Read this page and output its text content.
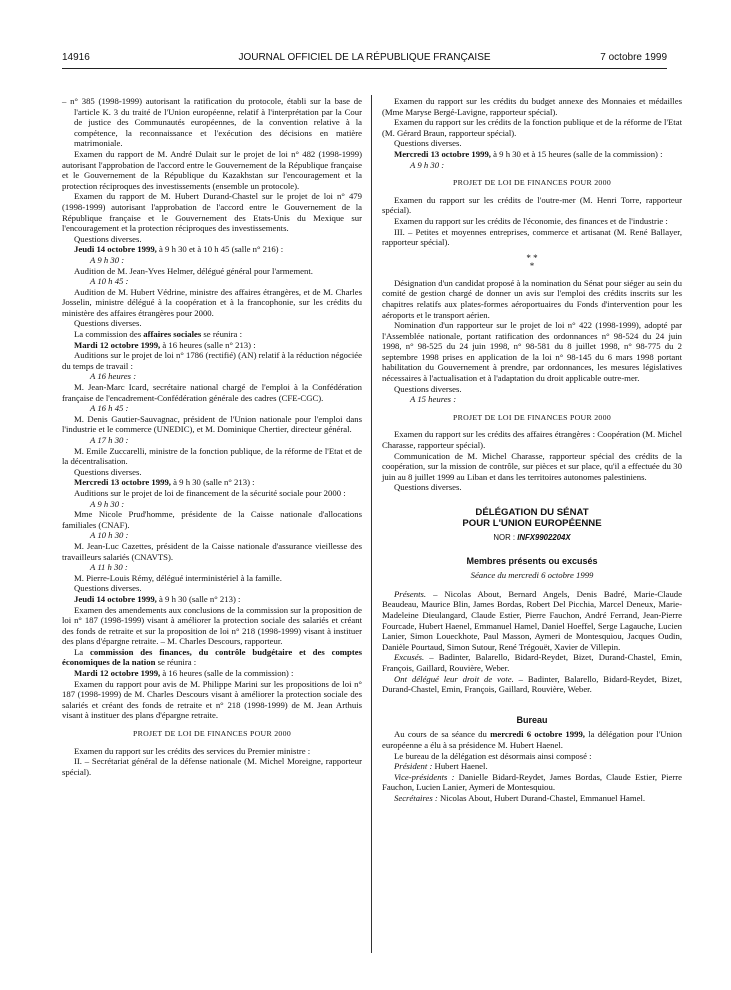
14916	JOURNAL OFFICIEL DE LA RÉPUBLIQUE FRANÇAISE	7 octobre 1999

– n° 385 (1998-1999) autorisant la ratification du protocole, établi sur la base de l'article K. 3 du traité de l'Union européenne, relatif à l'interprétation par la Cour de justice des Communautés européennes, de la convention relative à la compétence, la reconnaissance et l'exécution des décisions en matière matrimoniale.

Examen du rapport de M. André Dulait sur le projet de loi n° 482 (1998-1999) autorisant l'approbation de l'accord entre le Gouvernement de la République française et le Gouvernement de la République du Kazakhstan sur l'encouragement et la protection réciproques des investissements (ensemble un protocole).

Examen du rapport de M. Hubert Durand-Chastel sur le projet de loi n° 479 (1998-1999) autorisant l'approbation de l'accord entre le Gouvernement de la République française et le Gouvernement des Etats-Unis du Mexique sur l'encouragement et la protection réciproques des investissements.

Questions diverses.

Jeudi 14 octobre 1999, à 9 h 30 et à 10 h 45 (salle n° 216) :

A 9 h 30 :

Audition de M. Jean-Yves Helmer, délégué général pour l'armement.

A 10 h 45 :

Audition de M. Hubert Védrine, ministre des affaires étrangères, et de M. Charles Josselin, ministre délégué à la coopération et à la francophonie, sur les crédits du ministère des affaires étrangères pour 2000.

Questions diverses.

La commission des affaires sociales se réunira :

Mardi 12 octobre 1999, à 16 heures (salle n° 213) :

Auditions sur le projet de loi n° 1786 (rectifié) (AN) relatif à la réduction négociée du temps de travail :

A 16 heures :

M. Jean-Marc Icard, secrétaire national chargé de l'emploi à la Confédération française de l'encadrement-Confédération générale des cadres (CFE-CGC).

A 16 h 45 :

M. Denis Gautier-Sauvagnac, président de l'Union nationale pour l'emploi dans l'industrie et le commerce (UNEDIC), et M. Dominique Chertier, directeur général.

A 17 h 30 :

M. Emile Zuccarelli, ministre de la fonction publique, de la réforme de l'Etat et de la décentralisation.

Questions diverses.

Mercredi 13 octobre 1999, à 9 h 30 (salle n° 213) :

Auditions sur le projet de loi de financement de la sécurité sociale pour 2000 :

A 9 h 30 :

Mme Nicole Prud'homme, présidente de la Caisse nationale d'allocations familiales (CNAF).

A 10 h 30 :

M. Jean-Luc Cazettes, président de la Caisse nationale d'assurance vieillesse des travailleurs salariés (CNAVTS).

A 11 h 30 :

M. Pierre-Louis Rémy, délégué interministériel à la famille.

Questions diverses.

Jeudi 14 octobre 1999, à 9 h 30 (salle n° 213) :

Examen des amendements aux conclusions de la commission sur la proposition de loi n° 187 (1998-1999) visant à améliorer la protection sociale des salariés et créant des fonds de retraite et sur la proposition de loi n° 218 (1998-1999) visant à instituer des plans d'épargne retraite. – M. Charles Descours, rapporteur.

La commission des finances, du contrôle budgétaire et des comptes économiques de la nation se réunira :

Mardi 12 octobre 1999, à 16 heures (salle de la commission) :

Examen du rapport pour avis de M. Philippe Marini sur les propositions de loi n° 187 (1998-1999) de M. Charles Descours visant à améliorer la protection sociale des salariés et créant des fonds de retraite et n° 218 (1998-1999) de M. Jean Arthuis visant à instituer des plans d'épargne retraite.

PROJET DE LOI DE FINANCES POUR 2000

Examen du rapport sur les crédits des services du Premier ministre :

II. – Secrétariat général de la défense nationale (M. Michel Moreigne, rapporteur spécial).

Examen du rapport sur les crédits du budget annexe des Monnaies et médailles (Mme Maryse Bergé-Lavigne, rapporteur spécial).

Examen du rapport sur les crédits de la fonction publique et de la réforme de l'Etat (M. Gérard Braun, rapporteur spécial).

Questions diverses.

Mercredi 13 octobre 1999, à 9 h 30 et à 15 heures (salle de la commission) :

A 9 h 30 :

PROJET DE LOI DE FINANCES POUR 2000

Examen du rapport sur les crédits de l'outre-mer (M. Henri Torre, rapporteur spécial).

Examen du rapport sur les crédits de l'économie, des finances et de l'industrie :

III. – Petites et moyennes entreprises, commerce et artisanat (M. René Ballayer, rapporteur spécial).

* *
*

Désignation d'un candidat proposé à la nomination du Sénat pour siéger au sein du comité de gestion chargé de donner un avis sur l'emploi des crédits inscrits sur les chapitres relatifs aux plates-formes aéroportuaires du Fonds d'intervention pour les aéroports et le transport aérien.

Nomination d'un rapporteur sur le projet de loi n° 422 (1998-1999), adopté par l'Assemblée nationale, portant ratification des ordonnances n° 98-524 du 24 juin 1998, n° 98-525 du 24 juin 1998, n° 98-581 du 8 juillet 1998, n° 98-775 du 2 septembre 1998 prises en application de la loi n° 98-145 du 6 mars 1998 portant habilitation du Gouvernement à prendre, par ordonnances, les mesures législatives nécessaires à l'actualisation et à l'adaptation du droit applicable outre-mer.

Questions diverses.

A 15 heures :

PROJET DE LOI DE FINANCES POUR 2000

Examen du rapport sur les crédits des affaires étrangères : Coopération (M. Michel Charasse, rapporteur spécial).

Communication de M. Michel Charasse, rapporteur spécial des crédits de la coopération, sur la mission de contrôle, sur pièces et sur place, qu'il a effectuée du 30 juin au 8 juillet 1999 au Liban et dans les territoires autonomes palestiniens.

Questions diverses.

DÉLÉGATION DU SÉNAT
POUR L'UNION EUROPÉENNE

NOR : INFX9902204X

Membres présents ou excusés

Séance du mercredi 6 octobre 1999

Présents. – Nicolas About, Bernard Angels, Denis Badré, Marie-Claude Beaudeau, Maurice Blin, James Bordas, Robert Del Picchia, Marcel Deneux, Marie-Madeleine Dieulangard, Claude Estier, Pierre Fauchon, André Ferrand, Jean-Pierre Fourcade, Hubert Haenel, Emmanuel Hamel, Daniel Hoeffel, Serge Lagauche, Lucien Lanier, Simon Loueckhote, Paul Masson, Aymeri de Montesquiou, Jacques Oudin, Danièle Pourtaud, Simon Sutour, René Trégouët, Xavier de Villepin.

Excusés. – Badinter, Balarello, Bidard-Reydet, Bizet, Durand-Chastel, Emin, François, Gaillard, Rouvière, Weber.

Ont délégué leur droit de vote. – Badinter, Balarello, Bidard-Reydet, Bizet, Durand-Chastel, Emin, François, Gaillard, Rouvière, Weber.

Bureau

Au cours de sa séance du mercredi 6 octobre 1999, la délégation pour l'Union européenne a élu à sa présidence M. Hubert Haenel.

Le bureau de la délégation est désormais ainsi composé :

Président : Hubert Haenel.

Vice-présidents : Danielle Bidard-Reydet, James Bordas, Claude Estier, Pierre Fauchon, Lucien Lanier, Aymeri de Montesquiou.

Secrétaires : Nicolas About, Hubert Durand-Chastel, Emmanuel Hamel.
